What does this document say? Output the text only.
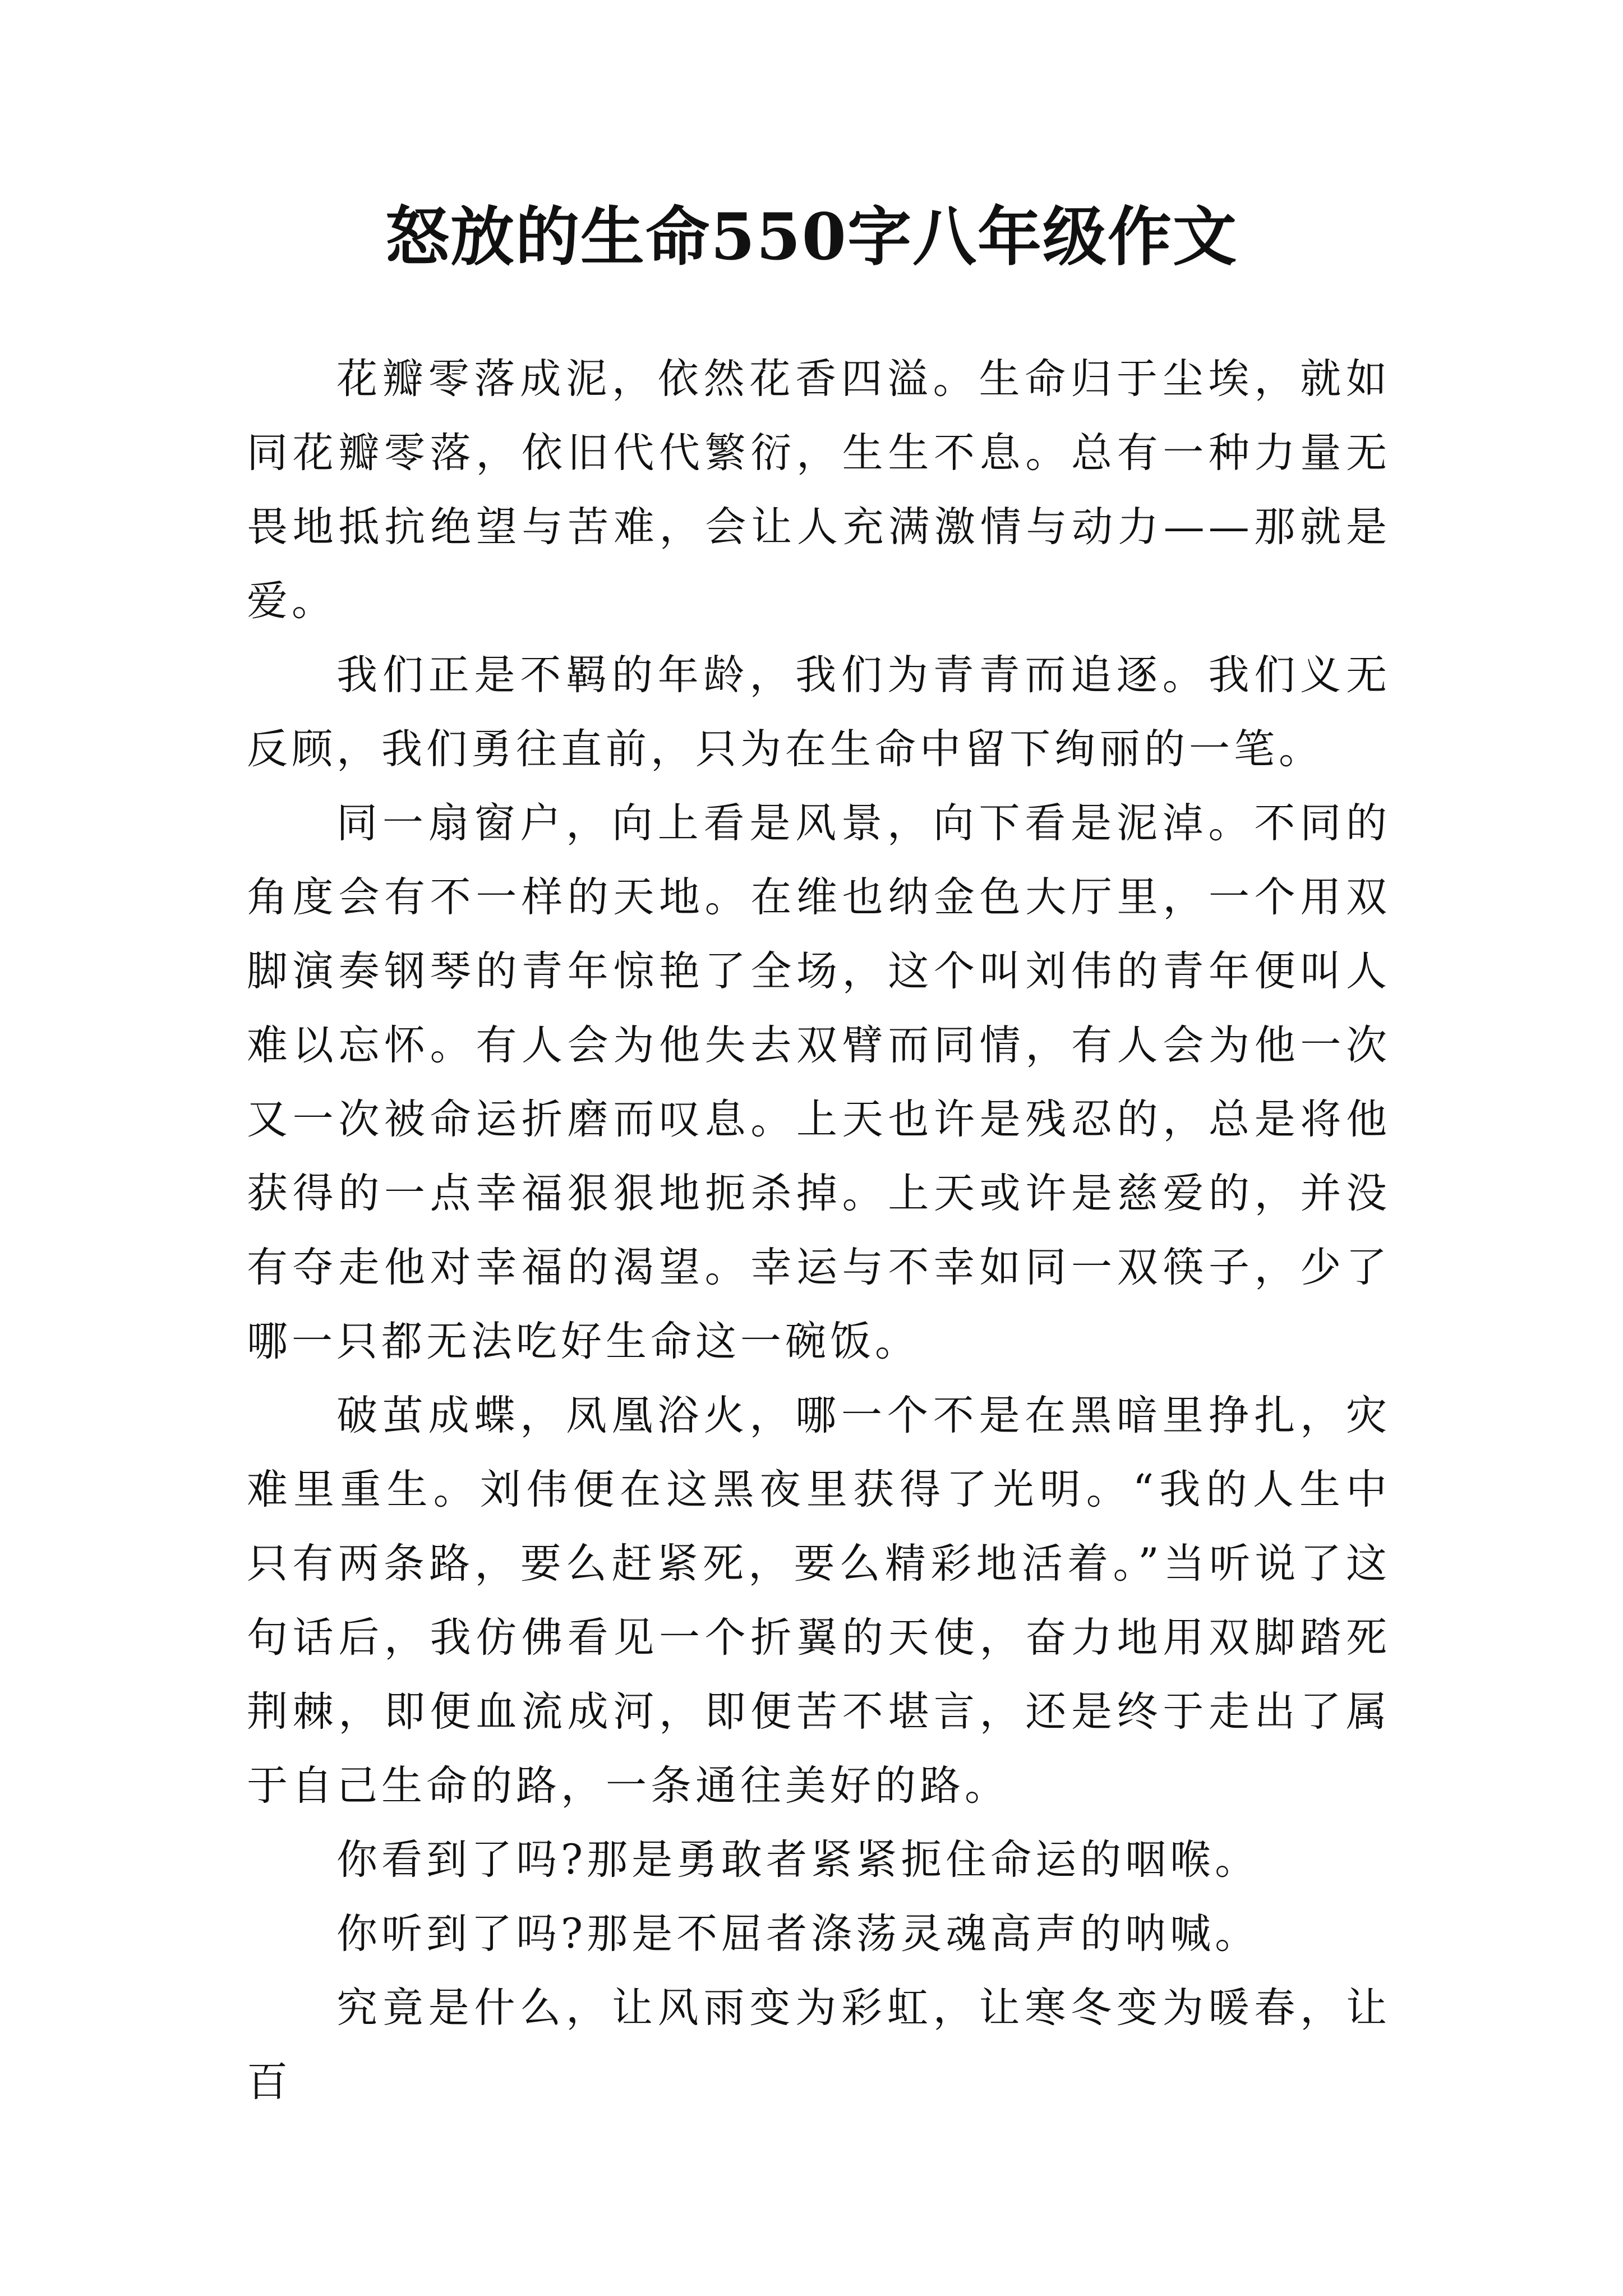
怒放的生命550字八年级作文

花瓣零落成泥，依然花香四溢。生命归于尘埃，就如同花瓣零落，依旧代代繁衍，生生不息。总有一种力量无畏地抵抗绝望与苦难，会让人充满激情与动力——那就是爱。

我们正是不羁的年龄，我们为青青而追逐。我们义无反顾，我们勇往直前，只为在生命中留下绚丽的一笔。

同一扇窗户，向上看是风景，向下看是泥淖。不同的角度会有不一样的天地。在维也纳金色大厅里，一个用双脚演奏钢琴的青年惊艳了全场，这个叫刘伟的青年便叫人难以忘怀。有人会为他失去双臂而同情，有人会为他一次又一次被命运折磨而叹息。上天也许是残忍的，总是将他获得的一点幸福狠狠地扼杀掉。上天或许是慈爱的，并没有夺走他对幸福的渴望。幸运与不幸如同一双筷子，少了哪一只都无法吃好生命这一碗饭。

破茧成蝶，凤凰浴火，哪一个不是在黑暗里挣扎，灾难里重生。刘伟便在这黑夜里获得了光明。“我的人生中只有两条路，要么赶紧死，要么精彩地活着。”当听说了这句话后，我仿佛看见一个折翼的天使，奋力地用双脚踏死荆棘，即便血流成河，即便苦不堪言，还是终于走出了属于自己生命的路，一条通往美好的路。

你看到了吗?那是勇敢者紧紧扼住命运的咽喉。

你听到了吗?那是不屈者涤荡灵魂高声的呐喊。

究竟是什么，让风雨变为彩虹，让寒冬变为暖春，让百
